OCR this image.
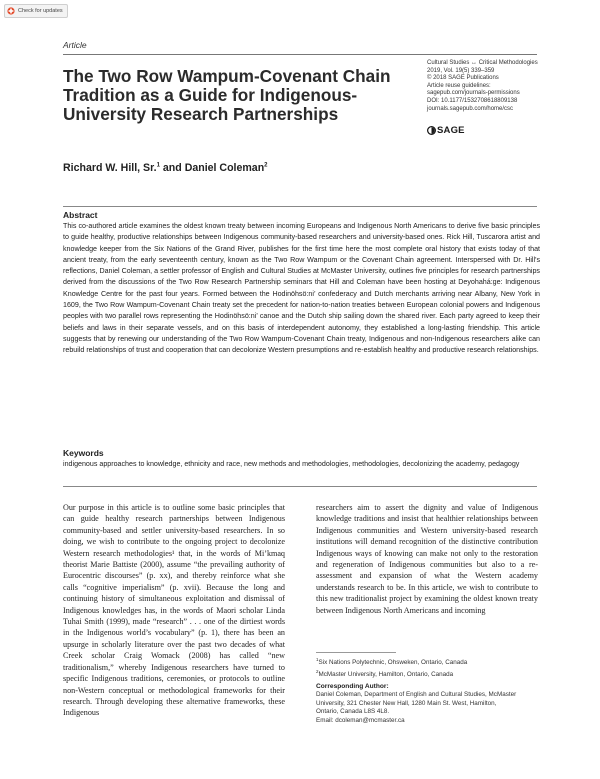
Check for updates
Article
The Two Row Wampum-Covenant Chain Tradition as a Guide for Indigenous-University Research Partnerships
Cultural Studies ↔ Critical Methodologies
2019, Vol. 19(5) 339–359
© 2018 SAGE Publications
Article reuse guidelines:
sagepub.com/journals-permissions
DOI: 10.1177/1532708618809138
journals.sagepub.com/home/csc
SAGE
Richard W. Hill, Sr.$^1$ and Daniel Coleman$^2$
Abstract

This co-authored article examines the oldest known treaty between incoming Europeans and Indigenous North Americans to derive five basic principles to guide healthy, productive relationships between Indigenous community-based researchers and university-based ones. Rick Hill, Tuscarora artist and knowledge keeper from the Six Nations of the Grand River, publishes for the first time here the most complete oral history that exists today of that ancient treaty, from the early seventeenth century, known as the Two Row Wampum or the Covenant Chain agreement. Interspersed with Dr. Hill's reflections, Daniel Coleman, a settler professor of English and Cultural Studies at McMaster University, outlines five principles for research partnerships derived from the discussions of the Two Row Research Partnership seminars that Hill and Coleman have been hosting at Deyohahá:ge: Indigenous Knowledge Centre for the past four years. Formed between the Hodinöhsö:ni’ confederacy and Dutch merchants arriving near Albany, New York in 1609, the Two Row Wampum-Covenant Chain treaty set the precedent for nation-to-nation treaties between European colonial powers and Indigenous peoples with two parallel rows representing the Hodinöhsö:ni’ canoe and the Dutch ship sailing down the shared river. Each party agreed to keep their beliefs and laws in their separate vessels, and on this basis of interdependent autonomy, they established a long-lasting friendship. This article suggests that by renewing our understanding of the Two Row Wampum-Covenant Chain treaty, Indigenous and non-Indigenous researchers alike can rebuild relationships of trust and cooperation that can decolonize Western presumptions and re-establish healthy and productive research relationships.

Keywords

indigenous approaches to knowledge, ethnicity and race, new methods and methodologies, methodologies, decolonizing the academy, pedagogy

Our purpose in this article is to outline some basic principles that can guide healthy research partnerships between Indigenous community-based and settler university-based researchers. In so doing, we wish to contribute to the ongoing project to decolonize Western research methodologies¹ that, in the words of Mi’kmaq theorist Marie Battiste (2000), assume “the prevailing authority of Eurocentric discourses” (p. xx), and thereby reinforce what she calls “cognitive imperialism” (p. xvii). Because the long and continuing history of simultaneous exploitation and dismissal of Indigenous knowledges has, in the words of Maori scholar Linda Tuhai Smith (1999), made “research” . . . one of the dirtiest words in the Indigenous world’s vocabulary” (p. 1), there has been an upsurge in scholarly literature over the past two decades of what Creek scholar Craig Womack (2008) has called “new traditionalism,” whereby Indigenous researchers have turned to specific Indigenous traditions, ceremonies, or protocols to outline non-Western conceptual or methodological frameworks for their research. Through developing these alternative frameworks, these Indigenous

researchers aim to assert the dignity and value of Indigenous knowledge traditions and insist that healthier relationships between Indigenous communities and Western university-based research institutions will demand recognition of the distinctive contribution Indigenous ways of knowing can make not only to the restoration and regeneration of Indigenous communities but also to a re-assessment and expansion of what the Western academy understands research to be. In this article, we wish to contribute to this new traditionalist project by examining the oldest known treaty between Indigenous North Americans and incoming

$^1$Six Nations Polytechnic, Ohsweken, Ontario, Canada
$^2$McMaster University, Hamilton, Ontario, Canada
Corresponding Author:
Daniel Coleman, Department of English and Cultural Studies, McMaster
University, 321 Chester New Hall, 1280 Main St. West, Hamilton,
Ontario, Canada L8S 4L8.
Email: dcoleman@mcmaster.ca
